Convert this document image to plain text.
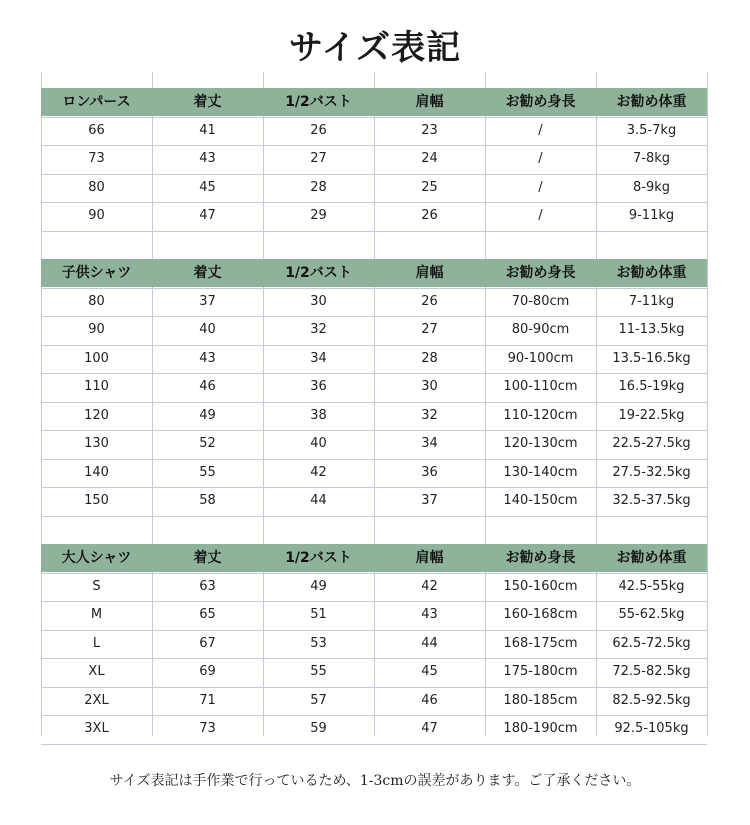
サイズ表記
ロンパース	着丈	1/2バスト	肩幅	お勧め身長	お勧め体重
66	41	26	23	/	3.5-7kg
73	43	27	24	/	7-8kg
80	45	28	25	/	8-9kg
90	47	29	26	/	9-11kg
子供シャツ	着丈	1/2バスト	肩幅	お勧め身長	お勧め体重
80	37	30	26	70-80cm	7-11kg
90	40	32	27	80-90cm	11-13.5kg
100	43	34	28	90-100cm	13.5-16.5kg
110	46	36	30	100-110cm	16.5-19kg
120	49	38	32	110-120cm	19-22.5kg
130	52	40	34	120-130cm	22.5-27.5kg
140	55	42	36	130-140cm	27.5-32.5kg
150	58	44	37	140-150cm	32.5-37.5kg
大人シャツ	着丈	1/2バスト	肩幅	お勧め身長	お勧め体重
S	63	49	42	150-160cm	42.5-55kg
M	65	51	43	160-168cm	55-62.5kg
L	67	53	44	168-175cm	62.5-72.5kg
XL	69	55	45	175-180cm	72.5-82.5kg
2XL	71	57	46	180-185cm	82.5-92.5kg
3XL	73	59	47	180-190cm	92.5-105kg
サイズ表記は手作業で行っているため、1-3cmの誤差があります。ご了承ください。
